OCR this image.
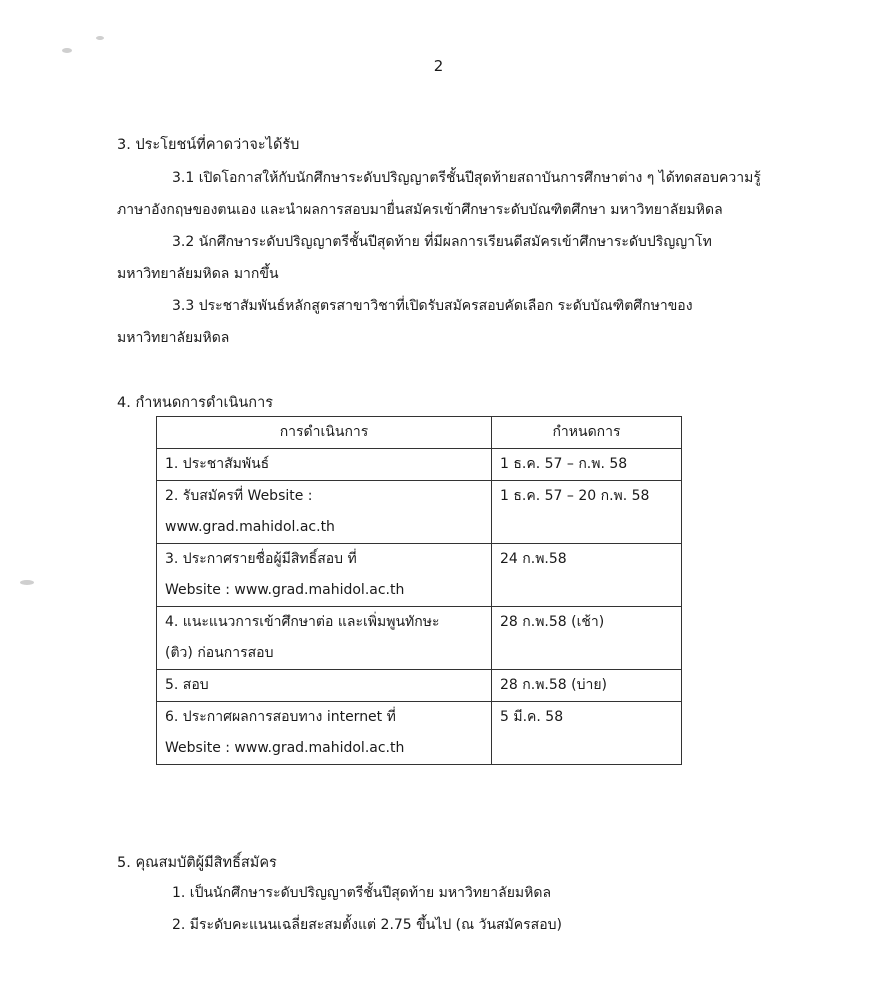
2
3. ประโยชน์ที่คาดว่าจะได้รับ
3.1 เปิดโอกาสให้กับนักศึกษาระดับปริญญาตรีชั้นปีสุดท้ายสถาบันการศึกษาต่าง ๆ ได้ทดสอบความรู้
ภาษาอังกฤษของตนเอง และนำผลการสอบมายื่นสมัครเข้าศึกษาระดับบัณฑิตศึกษา มหาวิทยาลัยมหิดล
3.2 นักศึกษาระดับปริญญาตรีชั้นปีสุดท้าย ที่มีผลการเรียนดีสมัครเข้าศึกษาระดับปริญญาโท
มหาวิทยาลัยมหิดล มากขึ้น
3.3 ประชาสัมพันธ์หลักสูตรสาขาวิชาที่เปิดรับสมัครสอบคัดเลือก ระดับบัณฑิตศึกษาของ
มหาวิทยาลัยมหิดล
4. กำหนดการดำเนินการ
การดำเนินการ	กำหนดการ

1. ประชาสัมพันธ์	1 ธ.ค. 57 – ก.พ. 58

2. รับสมัครที่ Website :
www.grad.mahidol.ac.th	1 ธ.ค. 57 – 20 ก.พ. 58

3. ประกาศรายชื่อผู้มีสิทธิ์สอบ ที่
Website : www.grad.mahidol.ac.th	24 ก.พ.58

4. แนะแนวการเข้าศึกษาต่อ และเพิ่มพูนทักษะ
(ติว) ก่อนการสอบ	28 ก.พ.58 (เช้า)

5. สอบ	28 ก.พ.58 (บ่าย)

6. ประกาศผลการสอบทาง internet ที่
Website : www.grad.mahidol.ac.th	5 มี.ค. 58
5. คุณสมบัติผู้มีสิทธิ์สมัคร
1. เป็นนักศึกษาระดับปริญญาตรีชั้นปีสุดท้าย มหาวิทยาลัยมหิดล
2. มีระดับคะแนนเฉลี่ยสะสมตั้งแต่ 2.75 ขึ้นไป (ณ วันสมัครสอบ)
